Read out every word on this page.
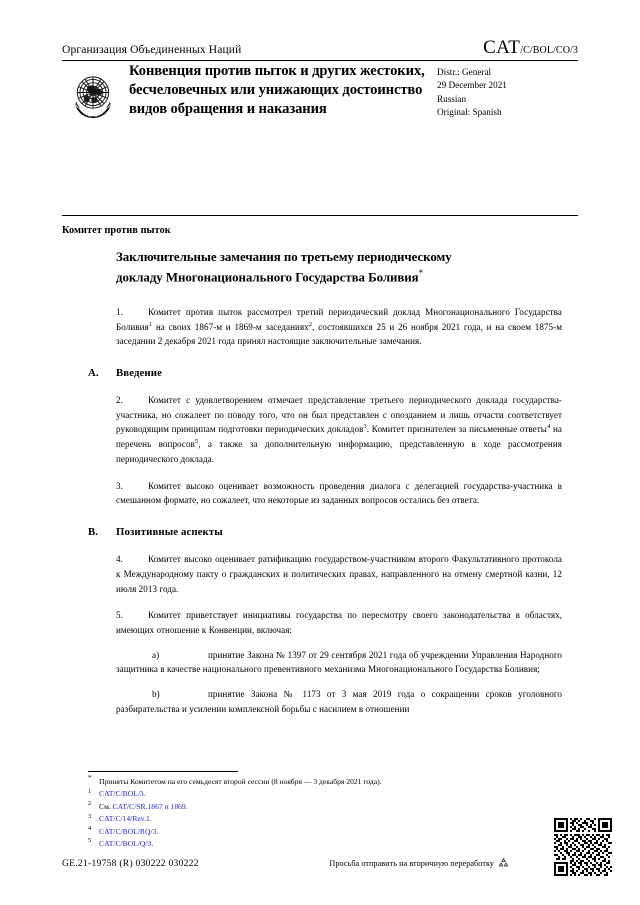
Организация Объединенных Наций	CAT/C/BOL/CO/3
Конвенция против пыток и других жестоких, бесчеловечных или унижающих достоинство видов обращения и наказания
Distr.: General
29 December 2021
Russian
Original: Spanish
Комитет против пыток
Заключительные замечания по третьему периодическому докладу Многонационального Государства Боливия*
1.	Комитет против пыток рассмотрел третий периодический доклад Многонационального Государства Боливия$^1$ на своих 1867-м и 1869-м заседаниях$^2$, состоявшихся 25 и 26 ноября 2021 года, и на своем 1875-м заседании 2 декабря 2021 года принял настоящие заключительные замечания.
A.	Введение
2.	Комитет с удовлетворением отмечает представление третьего периодического доклада государства-участника, но сожалеет по поводу того, что он был представлен с опозданием и лишь отчасти соответствует руководящим принципам подготовки периодических докладов$^3$. Комитет признателен за письменные ответы$^4$ на перечень вопросов$^5$, а также за дополнительную информацию, представленную в ходе рассмотрения периодического доклада.
3.	Комитет высоко оценивает возможность проведения диалога с делегацией государства-участника в смешанном формате, но сожалеет, что некоторые из заданных вопросов остались без ответа.
B.	Позитивные аспекты
4.	Комитет высоко оценивает ратификацию государством-участником второго Факультативного протокола к Международному пакту о гражданских и политических правах, направленного на отмену смертной казни, 12 июля 2013 года.
5.	Комитет приветствует инициативы государства по пересмотру своего законодательства в областях, имеющих отношение к Конвенции, включая:
a)	принятие Закона № 1397 от 29 сентября 2021 года об учреждении Управления Народного защитника в качестве национального превентивного механизма Многонационального Государства Боливия;
b)	принятие Закона № 1173 от 3 мая 2019 года о сокращении сроков уголовного разбирательства и усилении комплексной борьбы с насилием в отношении
* Приняты Комитетом на его семьдесят второй сессии (8 ноября — 3 декабря 2021 года).
1 CAT/C/BOL/3.
2 См. CAT/C/SR.1867 и 1869.
3 CAT/C/14/Rev.1.
4 CAT/C/BOL/RQ/3.
5 CAT/C/BOL/Q/3.
GE.21-19758 (R) 030222 030222	Просьба отправить на вторичную переработку
